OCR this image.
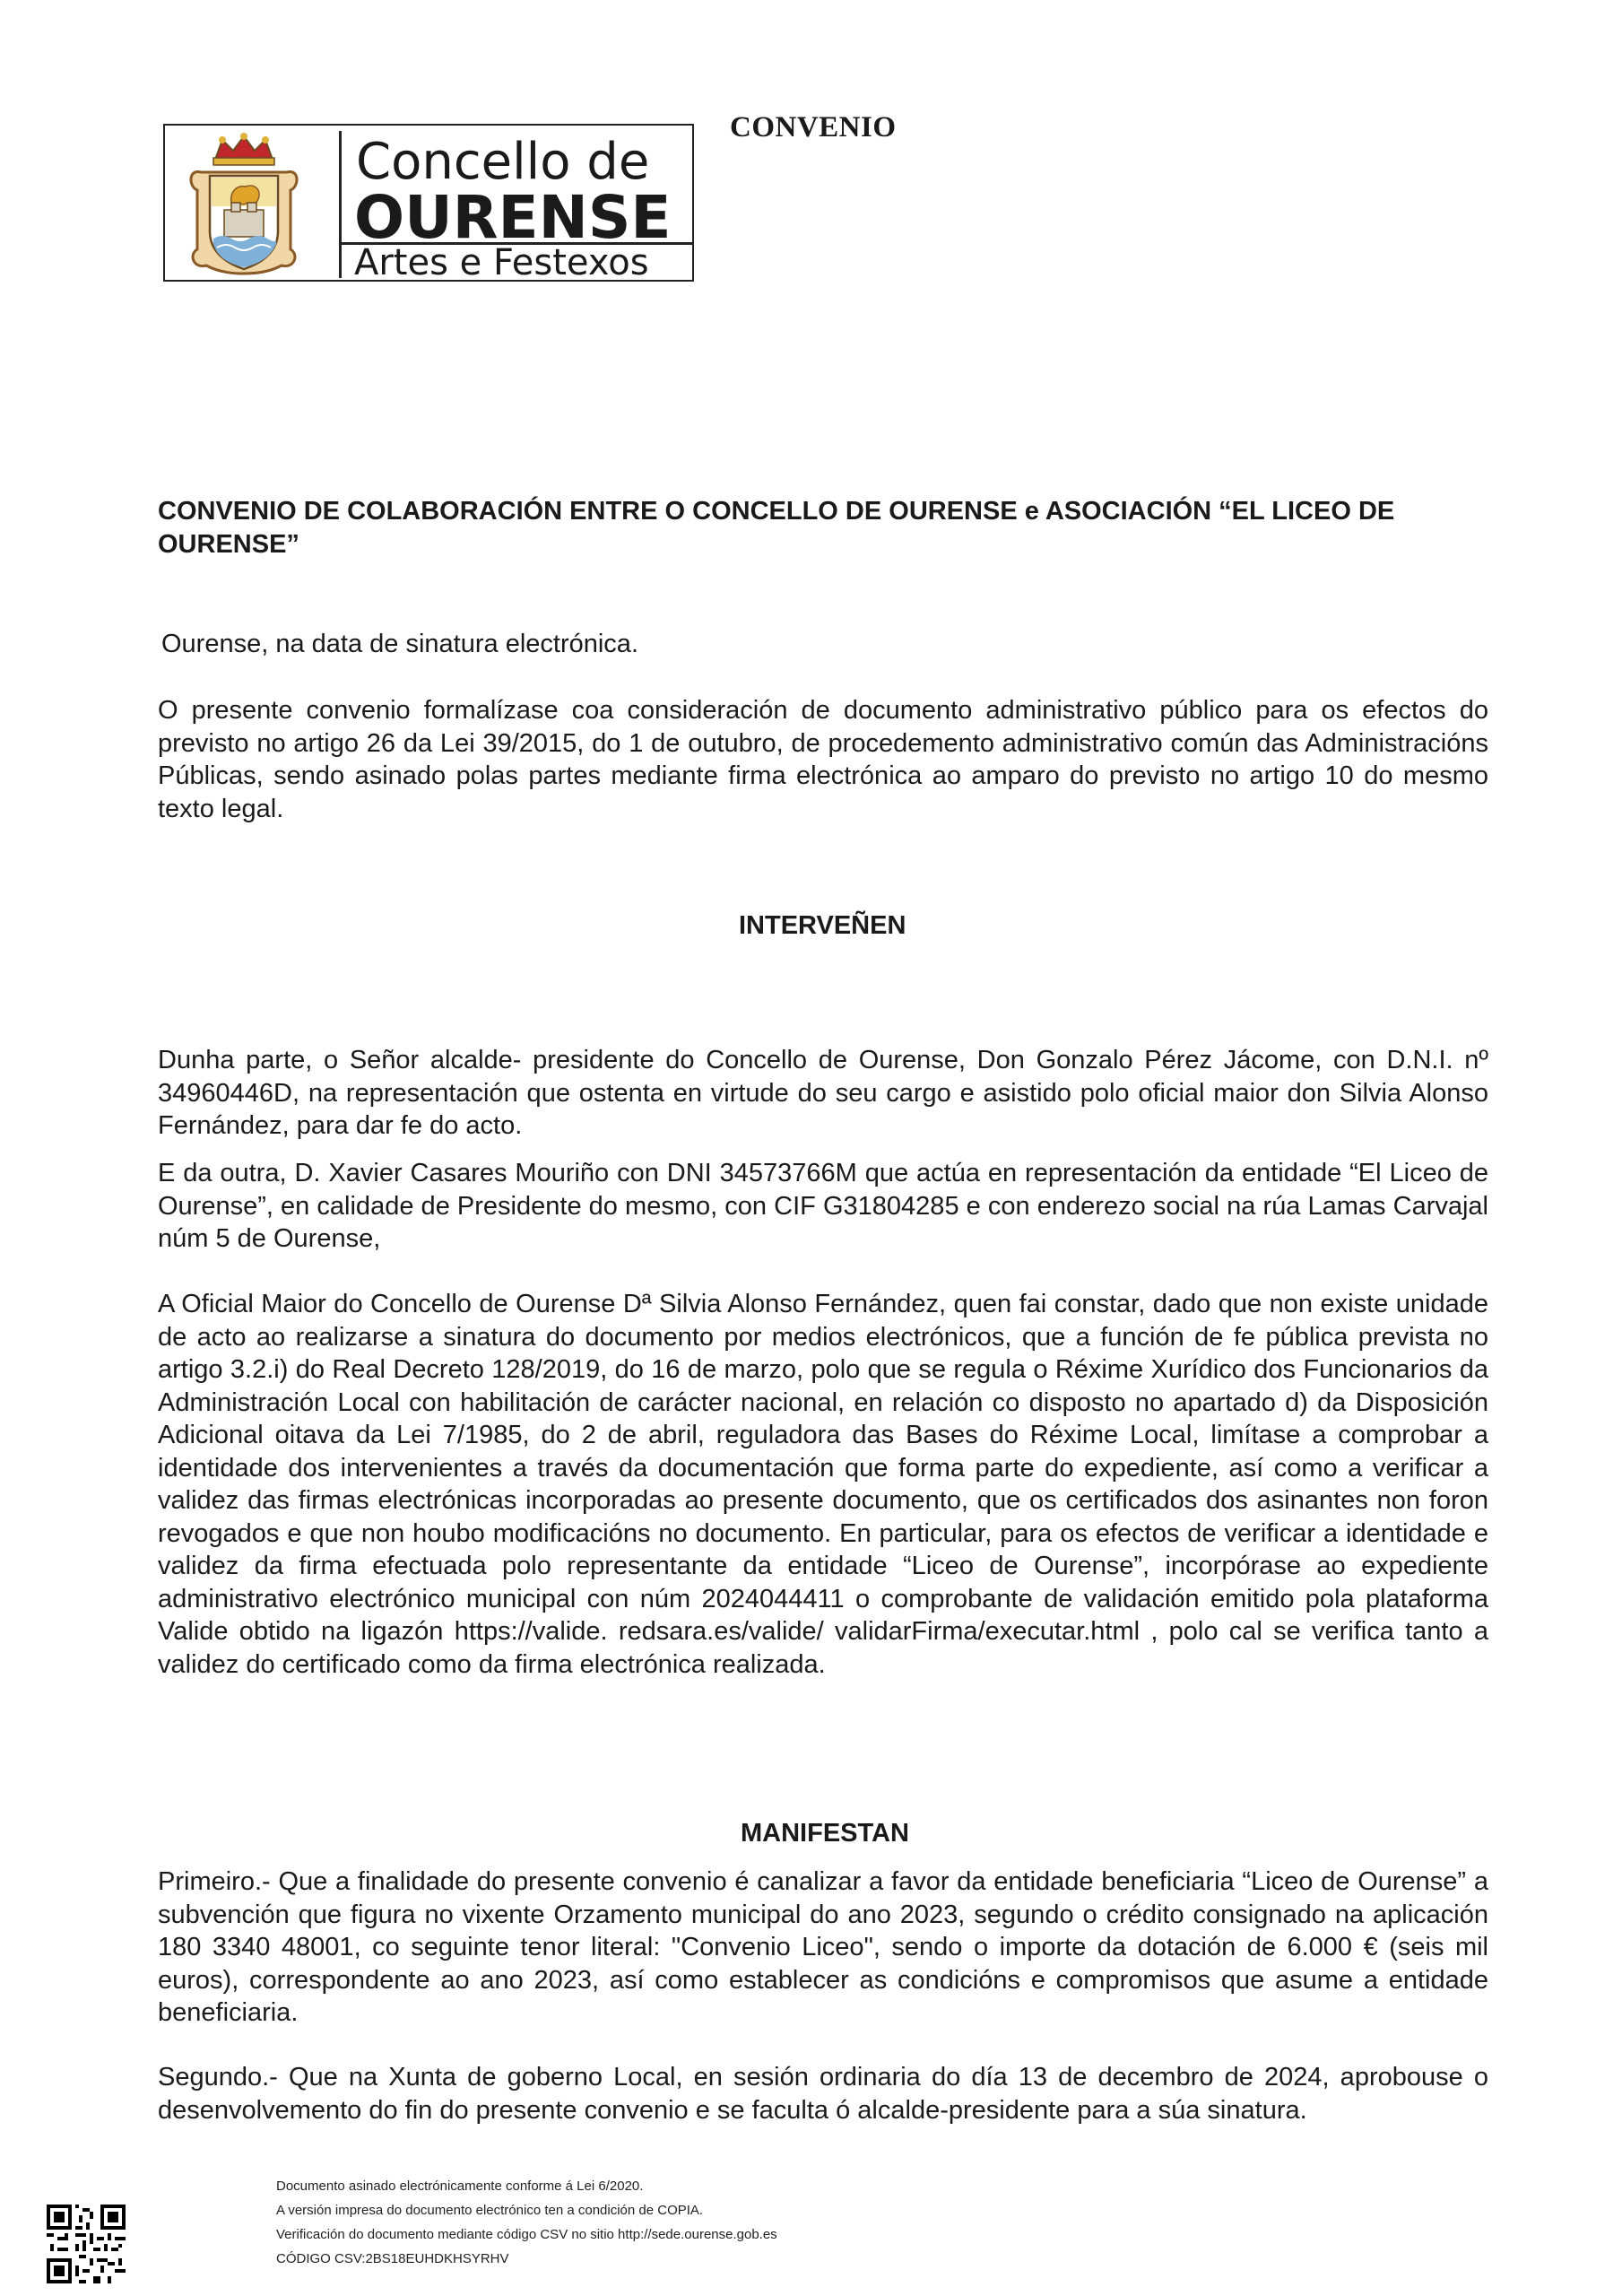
Concello de
OURENSE
Artes e Festexos
CONVENIO
CONVENIO DE COLABORACIÓN ENTRE O CONCELLO DE OURENSE e ASOCIACIÓN “EL LICEO DE OURENSE”
Ourense, na data de sinatura electrónica.
O presente convenio formalízase coa consideración de documento administrativo público para os efectos do previsto no artigo 26 da Lei 39/2015, do 1 de outubro, de procedemento administrativo común das Administracións Públicas, sendo asinado polas partes mediante firma electrónica ao amparo do previsto no artigo 10 do mesmo texto legal.
INTERVEÑEN
Dunha parte, o Señor alcalde- presidente do Concello de Ourense, Don Gonzalo Pérez Jácome, con D.N.I. nº 34960446D, na representación que ostenta en virtude do seu cargo e asistido polo oficial maior don Silvia Alonso Fernández, para dar fe do acto.
E da outra, D. Xavier Casares Mouriño con DNI 34573766M que actúa en representación da entidade “El Liceo de Ourense”, en calidade de Presidente do mesmo, con CIF G31804285 e con enderezo social na rúa Lamas Carvajal núm 5 de Ourense,
A Oficial Maior do Concello de Ourense Dª Silvia Alonso Fernández, quen fai constar, dado que non existe unidade de acto ao realizarse a sinatura do documento por medios electrónicos, que a función de fe pública prevista no artigo 3.2.i) do Real Decreto 128/2019, do 16 de marzo, polo que se regula o Réxime Xurídico dos Funcionarios da Administración Local con habilitación de carácter nacional, en relación co disposto no apartado d) da Disposición Adicional oitava da Lei 7/1985, do 2 de abril, reguladora das Bases do Réxime Local, limítase a comprobar a identidade dos intervenientes a través da documentación que forma parte do expediente, así como a verificar a validez das firmas electrónicas incorporadas ao presente documento, que os certificados dos asinantes non foron revogados e que non houbo modificacións no documento. En particular, para os efectos de verificar a identidade e validez da firma efectuada polo representante da entidade “Liceo de Ourense”, incorpórase ao expediente administrativo electrónico municipal con núm 2024044411 o comprobante de validación emitido pola plataforma Valide obtido na ligazón https://valide. redsara.es/valide/ validarFirma/executar.html , polo cal se verifica tanto a validez do certificado como da firma electrónica realizada.
MANIFESTAN
Primeiro.- Que a finalidade do presente convenio é canalizar a favor da entidade beneficiaria “Liceo de Ourense” a subvención que figura no vixente Orzamento municipal do ano 2023, segundo o crédito consignado na aplicación 180 3340 48001, co seguinte tenor literal: "Convenio Liceo", sendo o importe da dotación de 6.000 € (seis mil euros), correspondente ao ano 2023, así como establecer as condicións e compromisos que asume a entidade beneficiaria.
Segundo.- Que na Xunta de goberno Local, en sesión ordinaria do día 13 de decembro de 2024, aprobouse o desenvolvemento do fin do presente convenio e se faculta ó alcalde-presidente para a súa sinatura.
Documento asinado electrónicamente conforme á Lei 6/2020.
A versión impresa do documento electrónico ten a condición de COPIA.
Verificación do documento mediante código CSV no sitio http://sede.ourense.gob.es
CÓDIGO CSV:2BS18EUHDKHSYRHV
